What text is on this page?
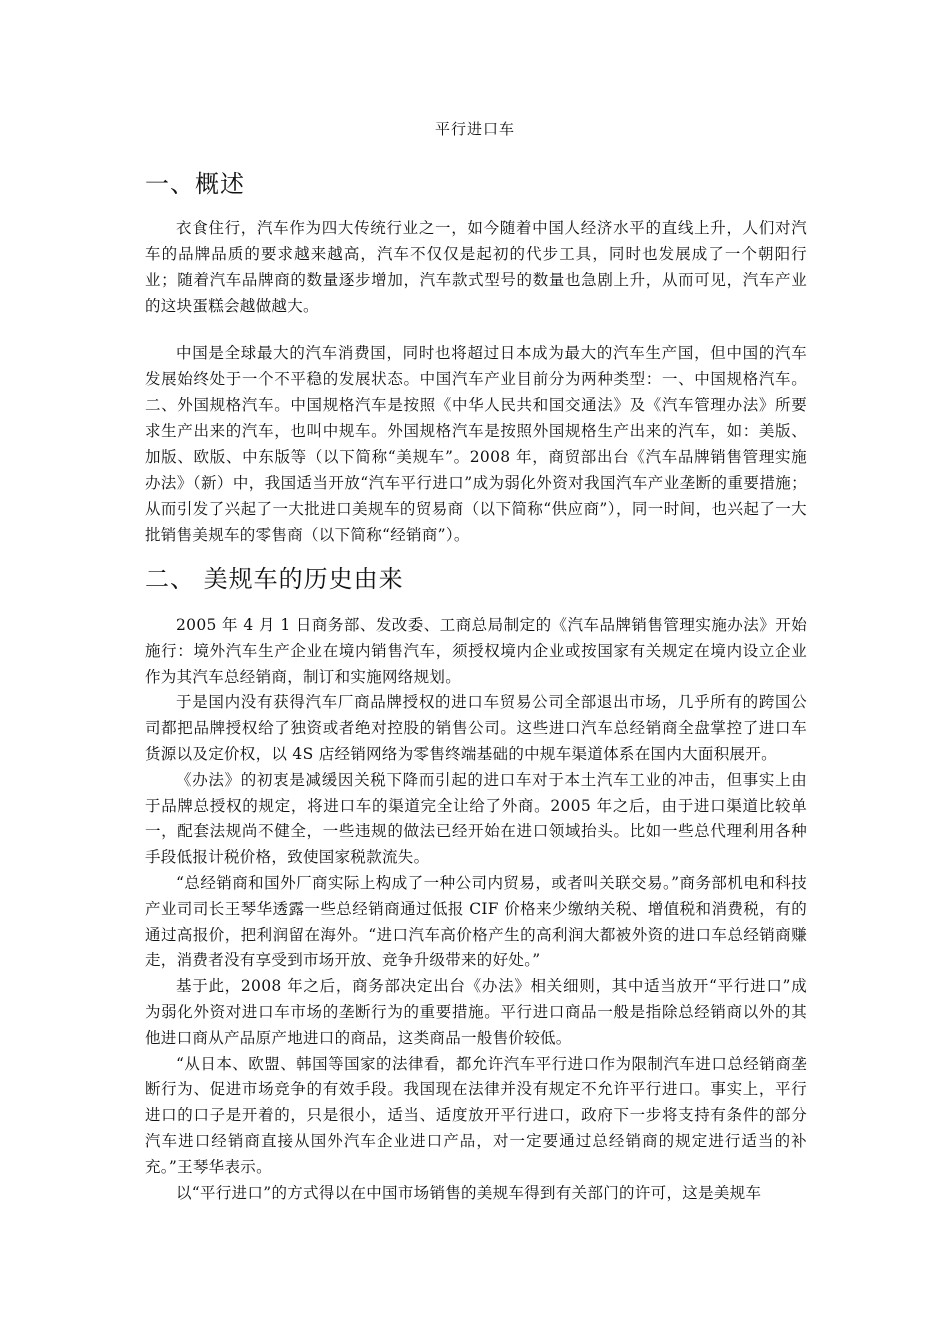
平行进口车
一、概述

衣食住行，汽车作为四大传统行业之一，如今随着中国人经济水平的直线上升，人们对汽车的品牌品质的要求越来越高，汽车不仅仅是起初的代步工具，同时也发展成了一个朝阳行业；随着汽车品牌商的数量逐步增加，汽车款式型号的数量也急剧上升，从而可见，汽车产业的这块蛋糕会越做越大。

中国是全球最大的汽车消费国，同时也将超过日本成为最大的汽车生产国，但中国的汽车发展始终处于一个不平稳的发展状态。中国汽车产业目前分为两种类型：一、中国规格汽车。二、外国规格汽车。中国规格汽车是按照《中华人民共和国交通法》及《汽车管理办法》所要求生产出来的汽车，也叫中规车。外国规格汽车是按照外国规格生产出来的汽车，如：美版、加版、欧版、中东版等（以下简称“美规车”。2008 年，商贸部出台《汽车品牌销售管理实施办法》（新）中，我国适当开放“汽车平行进口”成为弱化外资对我国汽车产业垄断的重要措施；从而引发了兴起了一大批进口美规车的贸易商（以下简称“供应商”），同一时间，也兴起了一大批销售美规车的零售商（以下简称“经销商”）。

二、 美规车的历史由来

2005 年 4 月 1 日商务部、发改委、工商总局制定的《汽车品牌销售管理实施办法》开始施行：境外汽车生产企业在境内销售汽车，须授权境内企业或按国家有关规定在境内设立企业作为其汽车总经销商，制订和实施网络规划。

于是国内没有获得汽车厂商品牌授权的进口车贸易公司全部退出市场，几乎所有的跨国公司都把品牌授权给了独资或者绝对控股的销售公司。这些进口汽车总经销商全盘掌控了进口车货源以及定价权，以 4S 店经销网络为零售终端基础的中规车渠道体系在国内大面积展开。

《办法》的初衷是减缓因关税下降而引起的进口车对于本土汽车工业的冲击，但事实上由于品牌总授权的规定，将进口车的渠道完全让给了外商。2005 年之后，由于进口渠道比较单一，配套法规尚不健全，一些违规的做法已经开始在进口领域抬头。比如一些总代理利用各种手段低报计税价格，致使国家税款流失。

“总经销商和国外厂商实际上构成了一种公司内贸易，或者叫关联交易。”商务部机电和科技产业司司长王琴华透露一些总经销商通过低报 CIF 价格来少缴纳关税、增值税和消费税，有的通过高报价，把利润留在海外。“进口汽车高价格产生的高利润大都被外资的进口车总经销商赚走，消费者没有享受到市场开放、竞争升级带来的好处。”

基于此，2008 年之后，商务部决定出台《办法》相关细则，其中适当放开“平行进口”成为弱化外资对进口车市场的垄断行为的重要措施。平行进口商品一般是指除总经销商以外的其他进口商从产品原产地进口的商品，这类商品一般售价较低。

“从日本、欧盟、韩国等国家的法律看，都允许汽车平行进口作为限制汽车进口总经销商垄断行为、促进市场竞争的有效手段。我国现在法律并没有规定不允许平行进口。事实上，平行进口的口子是开着的，只是很小，适当、适度放开平行进口，政府下一步将支持有条件的部分汽车进口经销商直接从国外汽车企业进口产品，对一定要通过总经销商的规定进行适当的补充。”王琴华表示。

以“平行进口”的方式得以在中国市场销售的美规车得到有关部门的许可，这是美规车
